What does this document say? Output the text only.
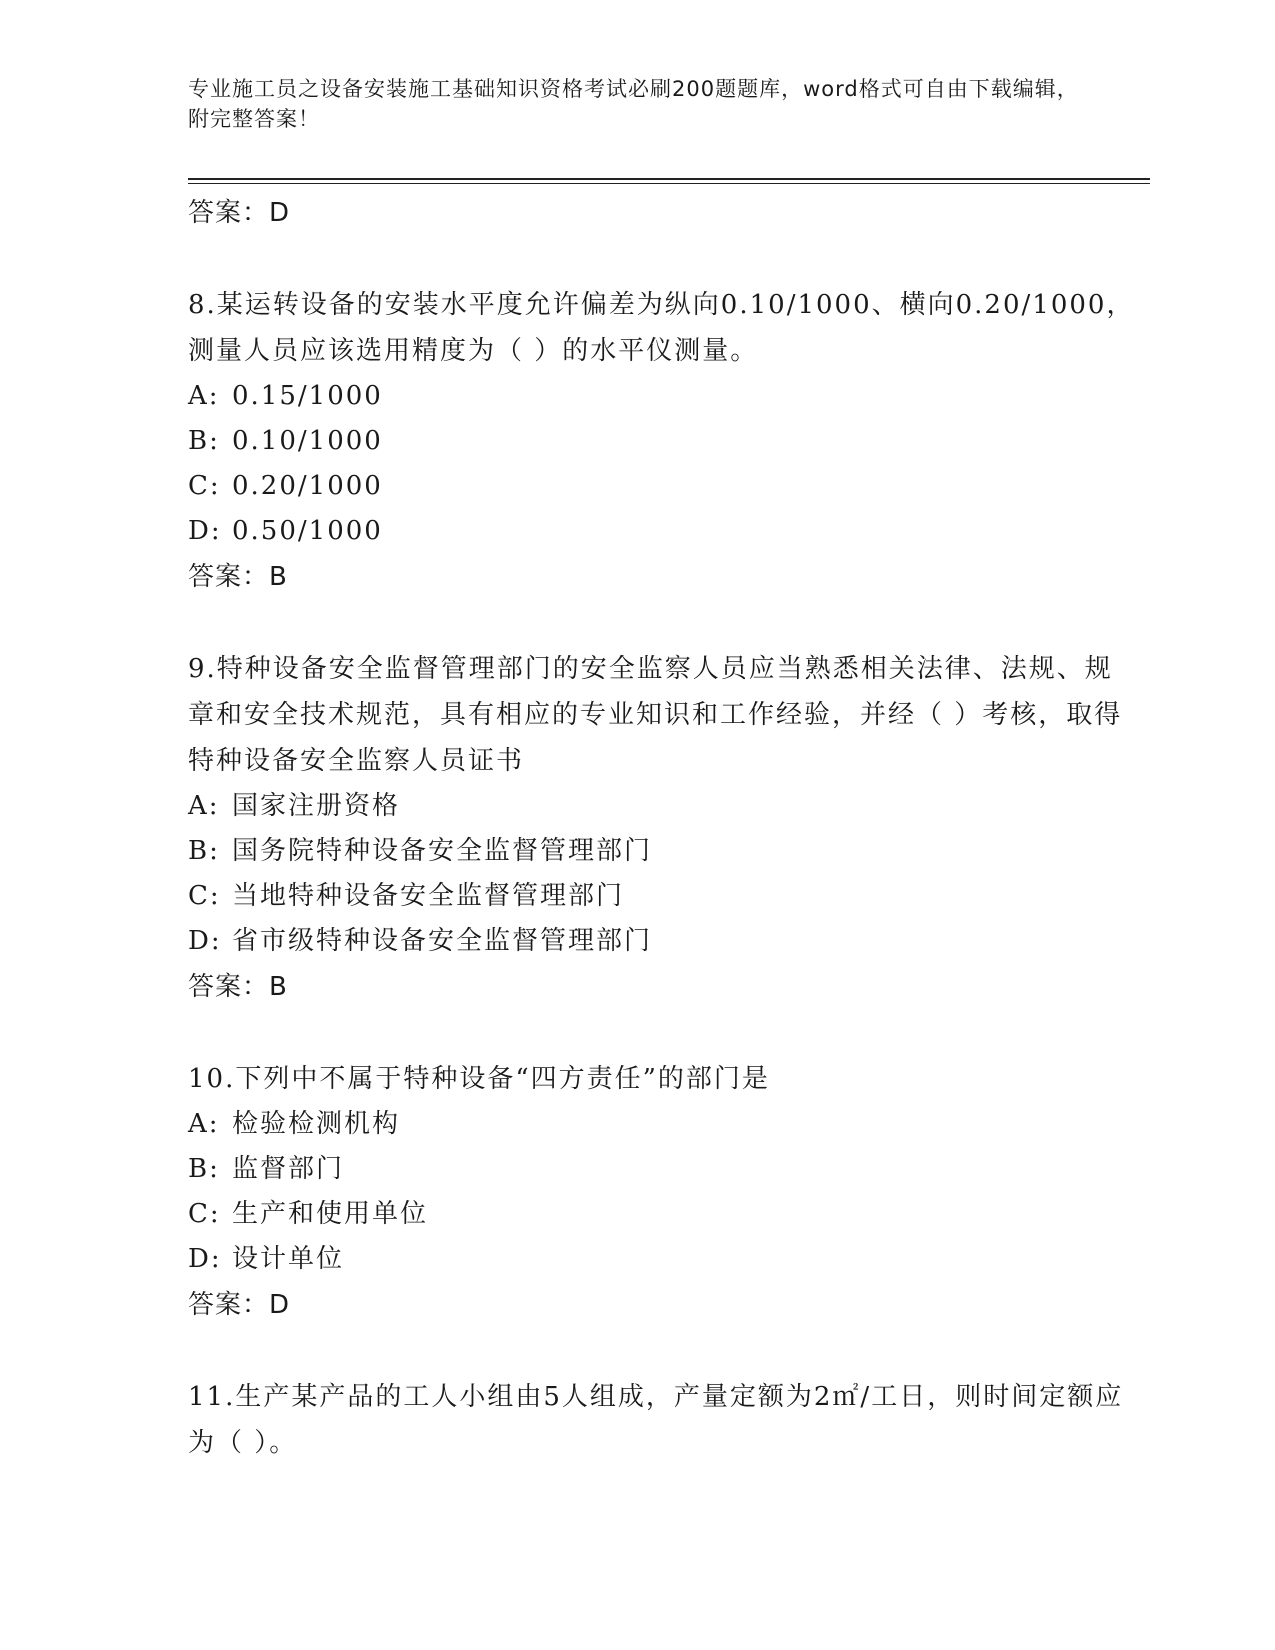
专业施工员之设备安装施工基础知识资格考试必刷200题题库，word格式可自由下载编辑，附完整答案！
答案：D
8.某运转设备的安装水平度允许偏差为纵向0.10/1000、横向0.20/1000，测量人员应该选用精度为（ ）的水平仪测量。
A: 0.15/1000
B: 0.10/1000
C: 0.20/1000
D: 0.50/1000
答案：B
9.特种设备安全监督管理部门的安全监察人员应当熟悉相关法律、法规、规章和安全技术规范，具有相应的专业知识和工作经验，并经（ ）考核，取得特种设备安全监察人员证书
A: 国家注册资格
B: 国务院特种设备安全监督管理部门
C: 当地特种设备安全监督管理部门
D: 省市级特种设备安全监督管理部门
答案：B
10.下列中不属于特种设备“四方责任”的部门是
A: 检验检测机构
B: 监督部门
C: 生产和使用单位
D: 设计单位
答案：D
11.生产某产品的工人小组由5人组成，产量定额为2㎡/工日，则时间定额应为（ ）。
